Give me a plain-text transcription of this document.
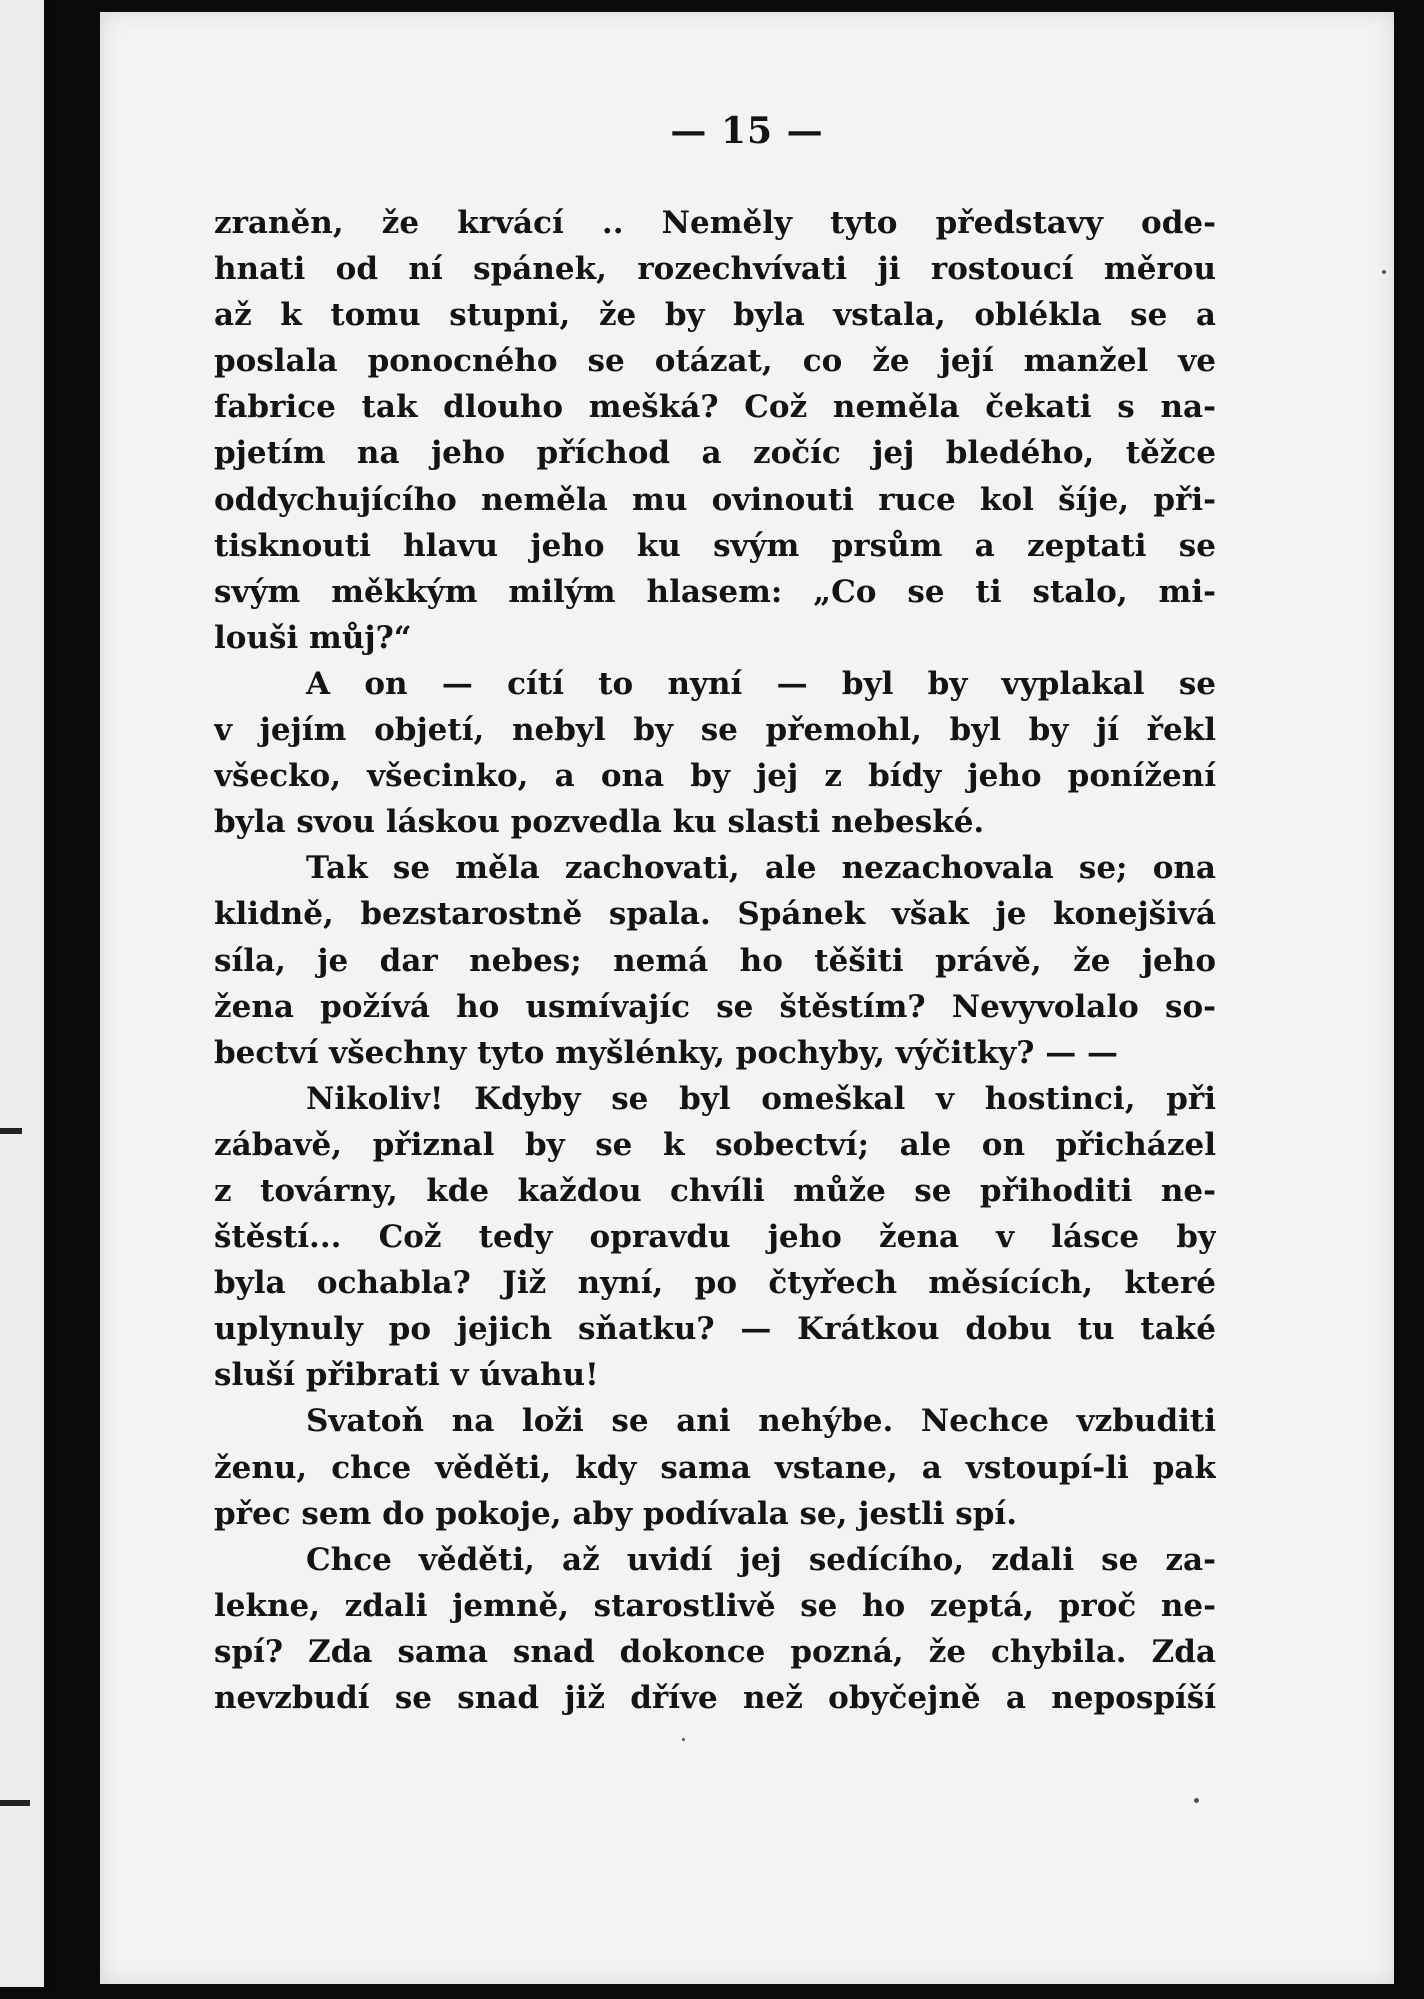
— 15 —
zraněn, že krvácí .. Neměly tyto představy ode-
hnati od ní spánek, rozechvívati ji rostoucí měrou
až k tomu stupni, že by byla vstala, oblékla se a
poslala ponocného se otázat, co že její manžel ve
fabrice tak dlouho mešká? Což neměla čekati s na-
pjetím na jeho příchod a zočíc jej bledého, těžce
oddychujícího neměla mu ovinouti ruce kol šíje, při-
tisknouti hlavu jeho ku svým prsům a zeptati se
svým měkkým milým hlasem: „Co se ti stalo, mi-
louši můj?“
A on — cítí to nyní — byl by vyplakal se
v jejím objetí, nebyl by se přemohl, byl by jí řekl
všecko, všecinko, a ona by jej z bídy jeho ponížení
byla svou láskou pozvedla ku slasti nebeské.
Tak se měla zachovati, ale nezachovala se; ona
klidně, bezstarostně spala. Spánek však je konejšivá
síla, je dar nebes; nemá ho těšiti právě, že jeho
žena požívá ho usmívajíc se štěstím? Nevyvolalo so-
bectví všechny tyto myšlénky, pochyby, výčitky? — —
Nikoliv! Kdyby se byl omeškal v hostinci, při
zábavě, přiznal by se k sobectví; ale on přicházel
z továrny, kde každou chvíli může se přihoditi ne-
štěstí... Což tedy opravdu jeho žena v lásce by
byla ochabla? Již nyní, po čtyřech měsících, které
uplynuly po jejich sňatku? — Krátkou dobu tu také
sluší přibrati v úvahu!
Svatoň na loži se ani nehýbe. Nechce vzbuditi
ženu, chce věděti, kdy sama vstane, a vstoupí-li pak
přec sem do pokoje, aby podívala se, jestli spí.
Chce věděti, až uvidí jej sedícího, zdali se za-
lekne, zdali jemně, starostlivě se ho zeptá, proč ne-
spí? Zda sama snad dokonce pozná, že chybila. Zda
nevzbudí se snad již dříve než obyčejně a nepospíší
